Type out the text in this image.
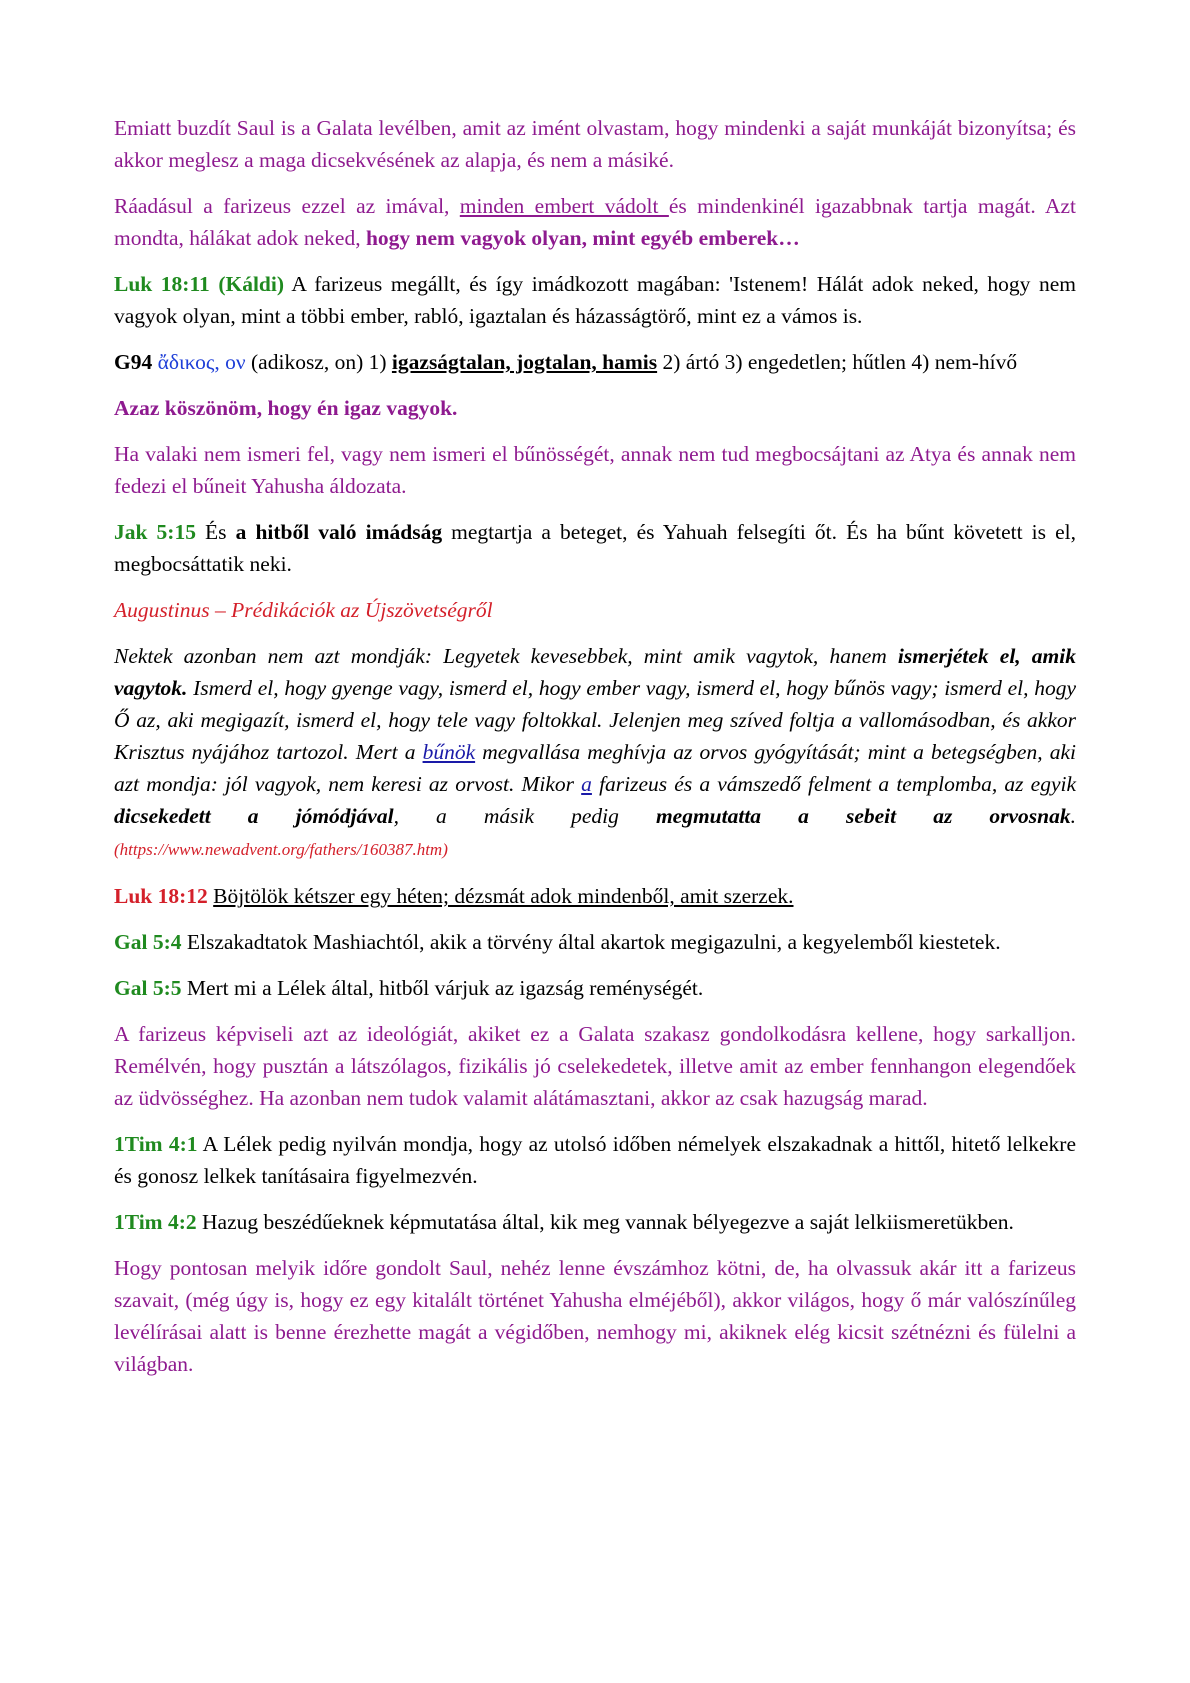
Emiatt buzdít Saul is a Galata levélben, amit az imént olvastam, hogy mindenki a saját munkáját bizonyítsa; és akkor meglesz a maga dicsekvésének az alapja, és nem a másiké.

Ráadásul a farizeus ezzel az imával, minden embert vádolt és mindenkinél igazabbnak tartja magát. Azt mondta, hálákat adok neked, hogy nem vagyok olyan, mint egyéb emberek…

Luk 18:11 (Káldi) A farizeus megállt, és így imádkozott magában: 'Istenem! Hálát adok neked, hogy nem vagyok olyan, mint a többi ember, rabló, igaztalan és házasságtörő, mint ez a vámos is.

G94 ἄδικος, ον (adikosz, on) 1) igazságtalan, jogtalan, hamis 2) ártó 3) engedetlen; hűtlen 4) nem-hívő

Azaz köszönöm, hogy én igaz vagyok.

Ha valaki nem ismeri fel, vagy nem ismeri el bűnösségét, annak nem tud megbocsájtani az Atya és annak nem fedezi el bűneit Yahusha áldozata.

Jak 5:15 És a hitből való imádság megtartja a beteget, és Yahuah felsegíti őt. És ha bűnt követett is el, megbocsáttatik neki.

Augustinus – Prédikációk az Újszövetségről

Nektek azonban nem azt mondják: Legyetek kevesebbek, mint amik vagytok, hanem ismerjétek el, amik vagytok. Ismerd el, hogy gyenge vagy, ismerd el, hogy ember vagy, ismerd el, hogy bűnös vagy; ismerd el, hogy Ő az, aki megigazít, ismerd el, hogy tele vagy foltokkal. Jelenjen meg szíved foltja a vallomásodban, és akkor Krisztus nyájához tartozol. Mert a bűnök megvallása meghívja az orvos gyógyítását; mint a betegségben, aki azt mondja: jól vagyok, nem keresi az orvost. Mikor a farizeus és a vámszedő felment a templomba, az egyik dicsekedett a jómódjával, a másik pedig megmutatta a sebeit az orvosnak. (https://www.newadvent.org/fathers/160387.htm)

Luk 18:12 Böjtölök kétszer egy héten; dézsmát adok mindenből, amit szerzek.

Gal 5:4 Elszakadtatok Mashiachtól, akik a törvény által akartok megigazulni, a kegyelemből kiestetek.

Gal 5:5 Mert mi a Lélek által, hitből várjuk az igazság reménységét.

A farizeus képviseli azt az ideológiát, akiket ez a Galata szakasz gondolkodásra kellene, hogy sarkalljon. Remélvén, hogy pusztán a látszólagos, fizikális jó cselekedetek, illetve amit az ember fennhangon elegendőek az üdvösséghez. Ha azonban nem tudok valamit alátámasztani, akkor az csak hazugság marad.

1Tim 4:1 A Lélek pedig nyilván mondja, hogy az utolsó időben némelyek elszakadnak a hittől, hitető lelkekre és gonosz lelkek tanításaira figyelmezvén.

1Tim 4:2 Hazug beszédűeknek képmutatása által, kik meg vannak bélyegezve a saját lelkiismeretükben.

Hogy pontosan melyik időre gondolt Saul, nehéz lenne évszámhoz kötni, de, ha olvassuk akár itt a farizeus szavait, (még úgy is, hogy ez egy kitalált történet Yahusha elméjéből), akkor világos, hogy ő már valószínűleg levélírásai alatt is benne érezhette magát a végidőben, nemhogy mi, akiknek elég kicsit szétnézni és fülelni a világban.
